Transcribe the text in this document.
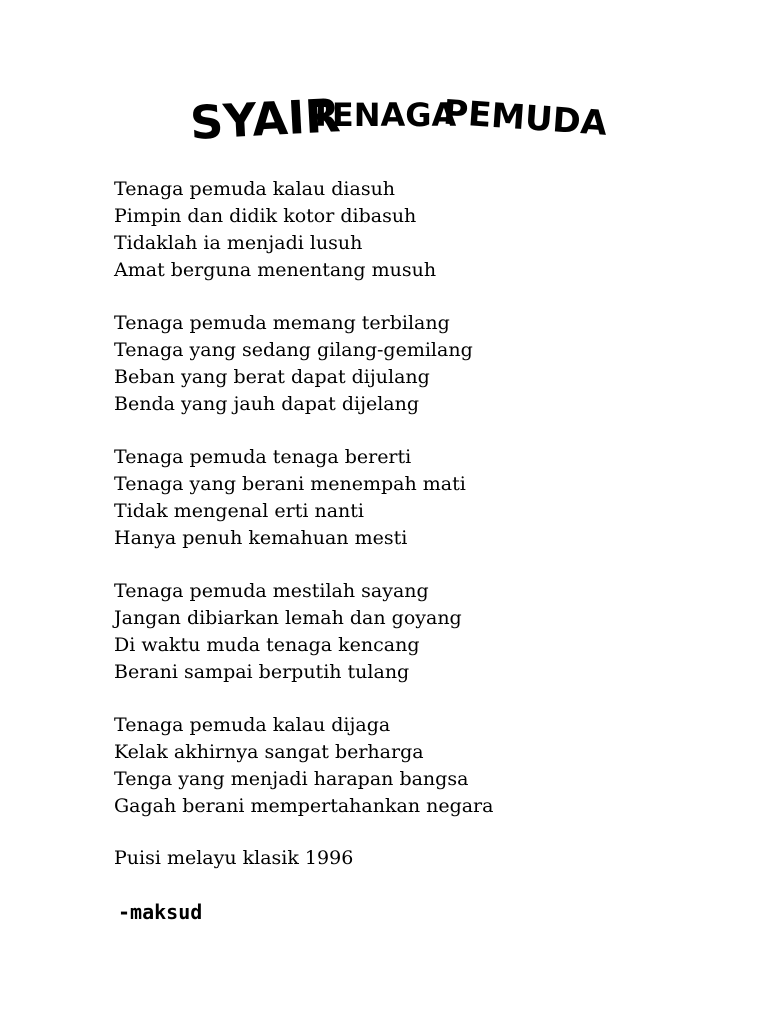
SYAIR
TENAGA
PEMUDA
Tenaga pemuda kalau diasuh
Pimpin dan didik kotor dibasuh
Tidaklah ia menjadi lusuh
Amat berguna menentang musuh
Tenaga pemuda memang terbilang
Tenaga yang sedang gilang-gemilang
Beban yang berat dapat dijulang
Benda yang jauh dapat dijelang
Tenaga pemuda tenaga bererti
Tenaga yang berani menempah mati
Tidak mengenal erti nanti
Hanya penuh kemahuan mesti
Tenaga pemuda mestilah sayang
Jangan dibiarkan lemah dan goyang
Di waktu muda tenaga kencang
Berani sampai berputih tulang
Tenaga pemuda kalau dijaga
Kelak akhirnya sangat berharga
Tenga yang menjadi harapan bangsa
Gagah berani mempertahankan negara
Puisi melayu klasik 1996
-maksud
